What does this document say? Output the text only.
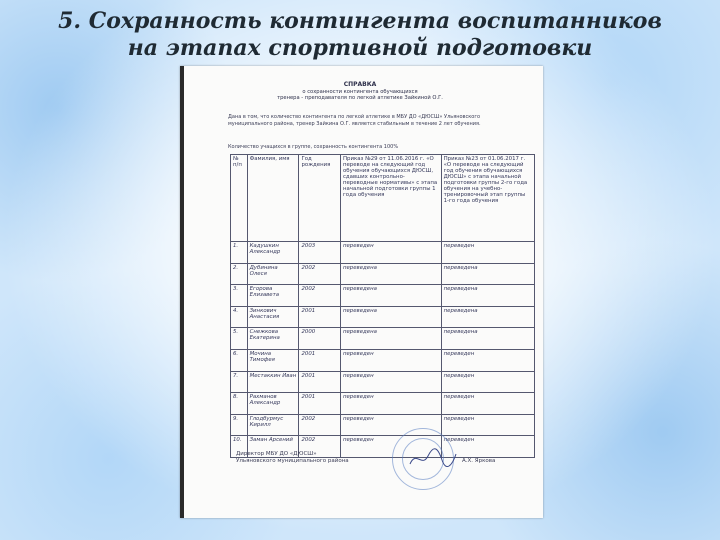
5. Сохранность контингента воспитанников
на этапах спортивной подготовки
СПРАВКА
о сохранности контингента обучающихся
тренера - преподавателя по легкой атлетике Зайкиной О.Г.
Дана в том, что количество контингента по легкой атлетике в МБУ ДО «ДЮСШ» Ульяновского муниципального района, тренер Зайкина О.Г. является стабильным в течение 2 лет обучения.
Количество учащихся в группе, сохранность контингента 100%
№ п/п	Фамилия, имя	Год рождения	Приказ №29 от 11.06.2016 г. «О переводе на следующий год обучения обучающихся ДЮСШ, сдавших контрольно-переводные нормативы» с этапа начальной подготовки группы 1 года обучения	Приказ №23 от 01.06.2017 г. «О переводе на следующий год обучения обучающихся ДЮСШ» с этапа начальной подготовки группы 2-го года обучения на учебно-тренировочный этап группы 1-го года обучения
1.	Кадушкин Александр	2003	переведен	переведен
2.	Дубинина Олеся	2002	переведена	переведена
3.	Егорова Елизавета	2002	переведена	переведена
4.	Зинкович Анастасия	2001	переведена	переведена
5.	Снежкова Екатерина	2000	переведена	переведена
6.	Мочина Тимофея	2001	переведен	переведен
7.	Местаккин Иван	2001	переведен	переведен
8.	Рахманов Александр	2001	переведен	переведен
9.	Глодбурмус Кирилл	2002	переведен	переведен
10.	Заман Арсений	2002	переведен	переведен
Директор МБУ ДО «ДЮСШ»
Ульяновского муниципального района	А.Х. Яркова
